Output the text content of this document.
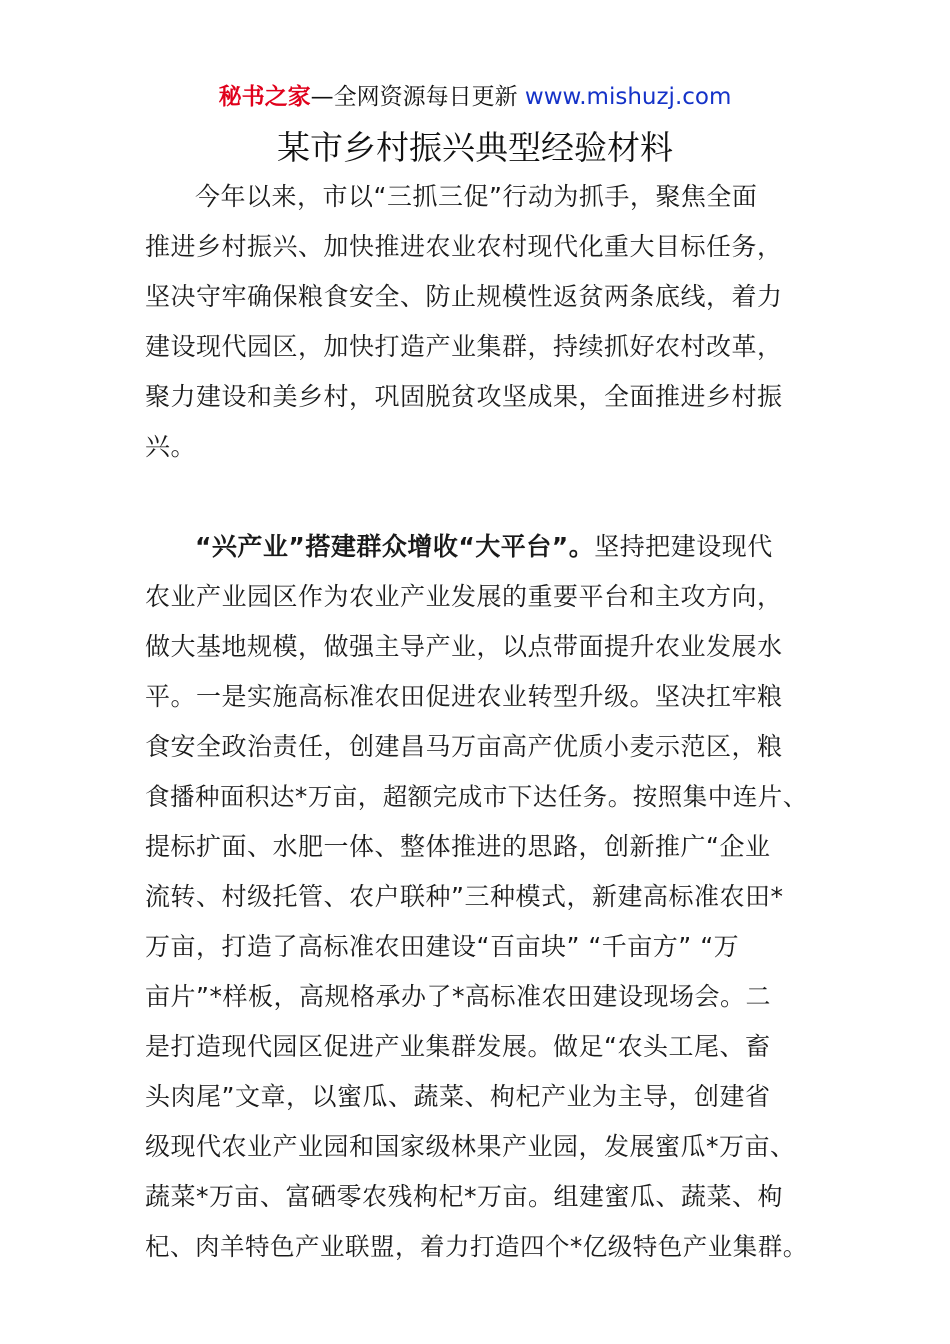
秘书之家—全网资源每日更新 www.mishuzj.com
某市乡村振兴典型经验材料
今年以来，市以“三抓三促”行动为抓手，聚焦全面
推进乡村振兴、加快推进农业农村现代化重大目标任务，
坚决守牢确保粮食安全、防止规模性返贫两条底线，着力
建设现代园区，加快打造产业集群，持续抓好农村改革，
聚力建设和美乡村，巩固脱贫攻坚成果，全面推进乡村振
兴。
“兴产业”搭建群众增收“大平台”。坚持把建设现代
农业产业园区作为农业产业发展的重要平台和主攻方向，
做大基地规模，做强主导产业，以点带面提升农业发展水
平。一是实施高标准农田促进农业转型升级。坚决扛牢粮
食安全政治责任，创建昌马万亩高产优质小麦示范区，粮
食播种面积达*万亩，超额完成市下达任务。按照集中连片、
提标扩面、水肥一体、整体推进的思路，创新推广“企业
流转、村级托管、农户联种”三种模式，新建高标准农田*
万亩，打造了高标准农田建设“百亩块” “千亩方” “万
亩片”*样板，高规格承办了*高标准农田建设现场会。二
是打造现代园区促进产业集群发展。做足“农头工尾、畜
头肉尾”文章，以蜜瓜、蔬菜、枸杞产业为主导，创建省
级现代农业产业园和国家级林果产业园，发展蜜瓜*万亩、
蔬菜*万亩、富硒零农残枸杞*万亩。组建蜜瓜、蔬菜、枸
杞、肉羊特色产业联盟，着力打造四个*亿级特色产业集群。
